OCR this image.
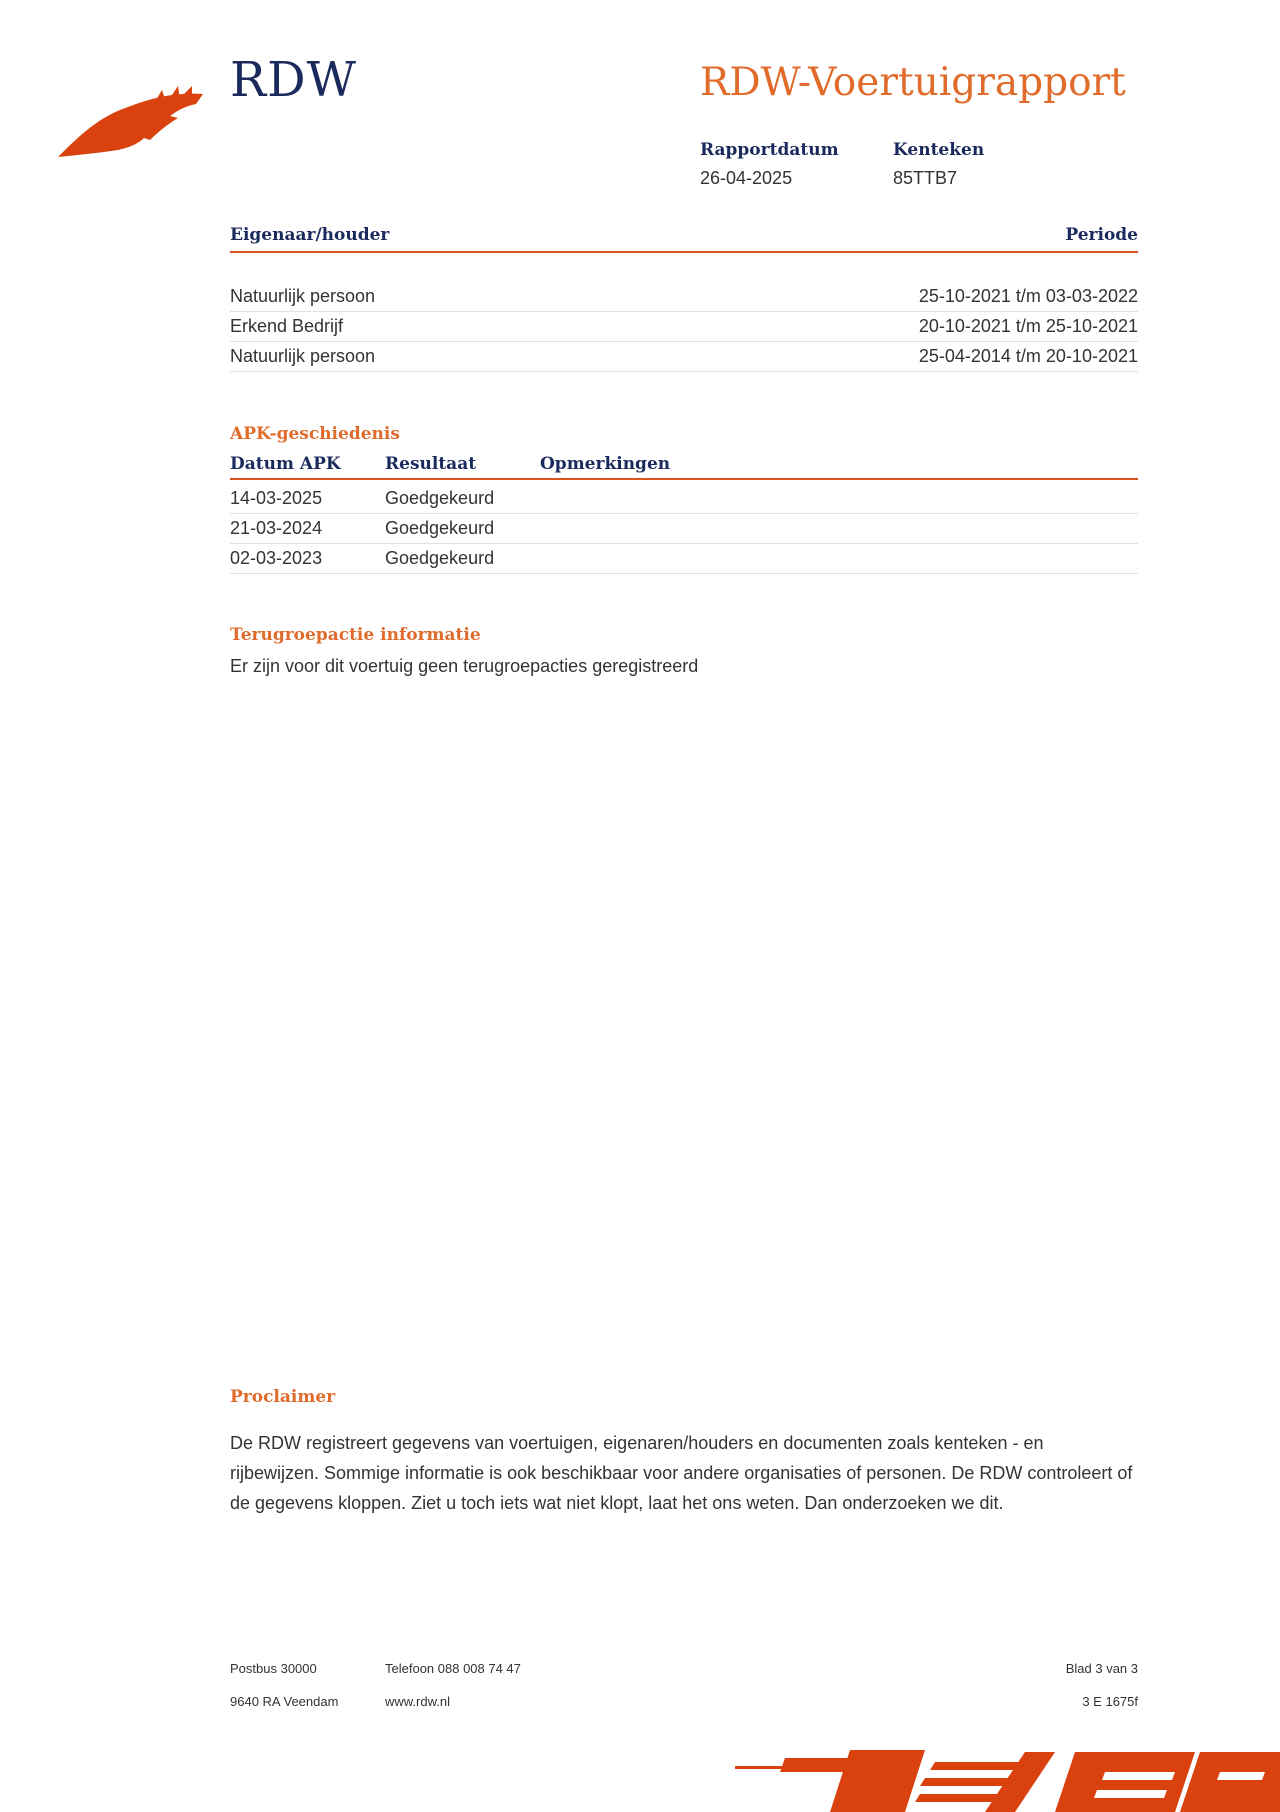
RDW	RDW-Voertuigrapport
Rapportdatum
26-04-2025
Kenteken
85TTB7
Eigenaar/houder	Periode
Natuurlijk persoon	25-10-2021 t/m 03-03-2022
Erkend Bedrijf	20-10-2021 t/m 25-10-2021
Natuurlijk persoon	25-04-2014 t/m 20-10-2021
APK-geschiedenis
Datum APK	Resultaat	Opmerkingen
14-03-2025	Goedgekeurd
21-03-2024	Goedgekeurd
02-03-2023	Goedgekeurd
Terugroepactie informatie
Er zijn voor dit voertuig geen terugroepacties geregistreerd
Proclaimer
De RDW registreert gegevens van voertuigen, eigenaren/houders en documenten zoals kenteken - en rijbewijzen. Sommige informatie is ook beschikbaar voor andere organisaties of personen. De RDW controleert of de gegevens kloppen. Ziet u toch iets wat niet klopt, laat het ons weten. Dan onderzoeken we dit.
Postbus 30000
9640 RA Veendam
Telefoon 088 008 74 47
www.rdw.nl
Blad 3 van 3
3 E 1675f
